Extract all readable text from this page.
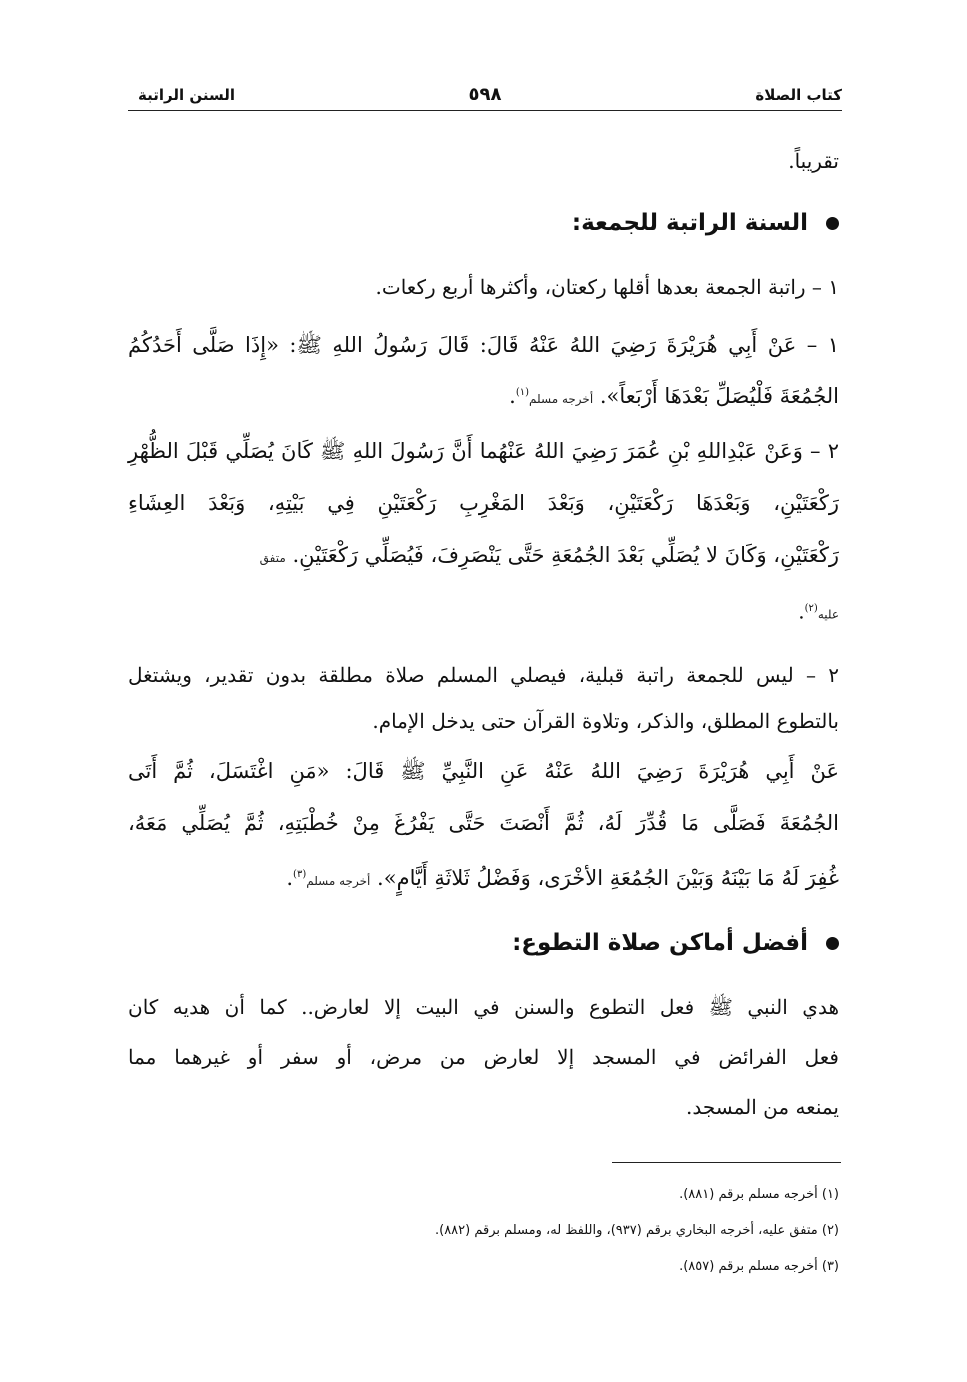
كتاب الصلاة
٥٩٨
السنن الراتبة
تقريباً.
السنة الراتبة للجمعة:
١ – راتبة الجمعة بعدها أقلها ركعتان، وأكثرها أربع ركعات.
١ – عَنْ أَبِي هُرَيْرَةَ رَضِيَ اللهُ عَنْهُ قَالَ: قَالَ رَسُولُ اللهِ ﷺ: «إِذَا صَلَّى أَحَدُكُمُ
الجُمُعَةَ فَلْيُصَلِّ بَعْدَهَا أَرْبَعاً». أخرجه مسلم$^{(١)}$.
٢ – وَعَنْ عَبْدِاللهِ بْنِ عُمَرَ رَضِيَ اللهُ عَنْهُما أَنَّ رَسُولَ اللهِ ﷺ كَانَ يُصَلِّي قَبْلَ الظُّهْرِ
رَكْعَتَيْنِ، وَبَعْدَهَا رَكْعَتَيْنِ، وَبَعْدَ المَغْرِبِ رَكْعَتَيْنِ فِي بَيْتِهِ، وَبَعْدَ العِشَاءِ
رَكْعَتَيْنِ، وَكَانَ لا يُصَلِّي بَعْدَ الجُمُعَةِ حَتَّى يَنْصَرِفَ، فَيُصَلِّي رَكْعَتَيْنِ. متفق
عليه$^{(٢)}$.
٢ – ليس للجمعة راتبة قبلية، فيصلي المسلم صلاة مطلقة بدون تقدير، ويشتغل
بالتطوع المطلق، والذكر، وتلاوة القرآن حتى يدخل الإمام.
عَنْ أَبِي هُرَيْرَةَ رَضِيَ اللهُ عَنْهُ عَنِ النَّبِيِّ ﷺ قَالَ: «مَنِ اغْتَسَلَ، ثُمَّ أَتَى
الجُمُعَةَ فَصَلَّى مَا قُدِّرَ لَهُ، ثُمَّ أَنْصَتَ حَتَّى يَفْرُغَ مِنْ خُطْبَتِهِ، ثُمَّ يُصَلِّي مَعَهُ،
غُفِرَ لَهُ مَا بَيْنَهُ وَبَيْنَ الجُمُعَةِ الأخْرَى، وَفَضْلُ ثَلاثَةِ أَيَّامٍ». أخرجه مسلم$^{(٣)}$.
أفضل أماكن صلاة التطوع:
هدي النبي ﷺ فعل التطوع والسنن في البيت إلا لعارض.. كما أن هديه كان
فعل الفرائض في المسجد إلا لعارض من مرض، أو سفر أو غيرهما مما
يمنعه من المسجد.
(١) أخرجه مسلم برقم (٨٨١).
(٢) متفق عليه، أخرجه البخاري برقم (٩٣٧)، واللفظ له، ومسلم برقم (٨٨٢).
(٣) أخرجه مسلم برقم (٨٥٧).
